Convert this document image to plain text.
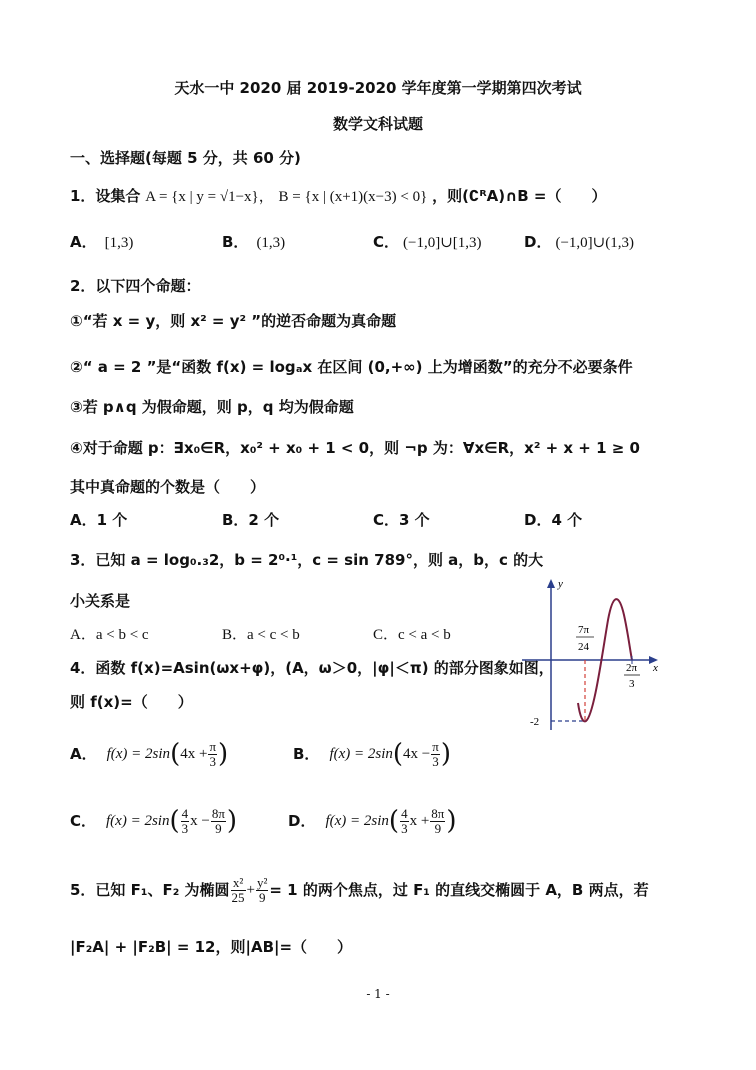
天水一中 2020 届 2019-2020 学年度第一学期第四次考试
数学文科试题
一、选择题(每题 5 分，共 60 分)
1．设集合 A = {x | y = √1−x}， B = {x | (x+1)(x−3) < 0} ，则(∁ᴿA)∩B =（　　）
A． [1,3)	B． (1,3)	C． (−1,0]∪[1,3)	D． (−1,0]∪(1,3)
2．以下四个命题：
①“若 x = y，则 x² = y² ”的逆否命题为真命题
②“ a = 2 ”是“函数 f(x) = logₐx 在区间 (0,+∞) 上为增函数”的充分不必要条件
③若 p∧q 为假命题，则 p，q 均为假命题
④对于命题 p：∃x₀∈R，x₀² + x₀ + 1 < 0，则 ¬p 为：∀x∈R，x² + x + 1 ≥ 0
其中真命题的个数是（　　）
A．1 个	B．2 个	C．3 个	D．4 个
3．已知 a = log₀.₃2，b = 2⁰·¹，c = sin 789°，则 a，b，c 的大
小关系是
A．a < b < c	B．a < c < b	C．c < a < b
4．函数 f(x)=Asin(ωx+φ)，(A，ω＞0，|φ|＜π) 的部分图象如图，
则 f(x)=（　　）
A． f(x) = 2sin ( $4x + \frac{\pi}{3}$ )	B． f(x) = 2sin ( $4x - \frac{\pi}{3}$ )
C． f(x) = 2sin ( $\frac{4}{3}$ $x - \frac{8\pi}{9}$ )	D． f(x) = 2sin ( $\frac{4}{3}$ $x + \frac{8\pi}{9}$ )
y
x
7π
24
2π
3
-2
5．已知 F₁、F₂ 为椭圆 $\frac{\text{x²}}{25} + \frac{\text{y²}}{9} = 1$ 的两个焦点，过 F₁ 的直线交椭圆于 A，B 两点，若
|F₂A| + |F₂B| = 12，则|AB|=（　　）
- 1 -
